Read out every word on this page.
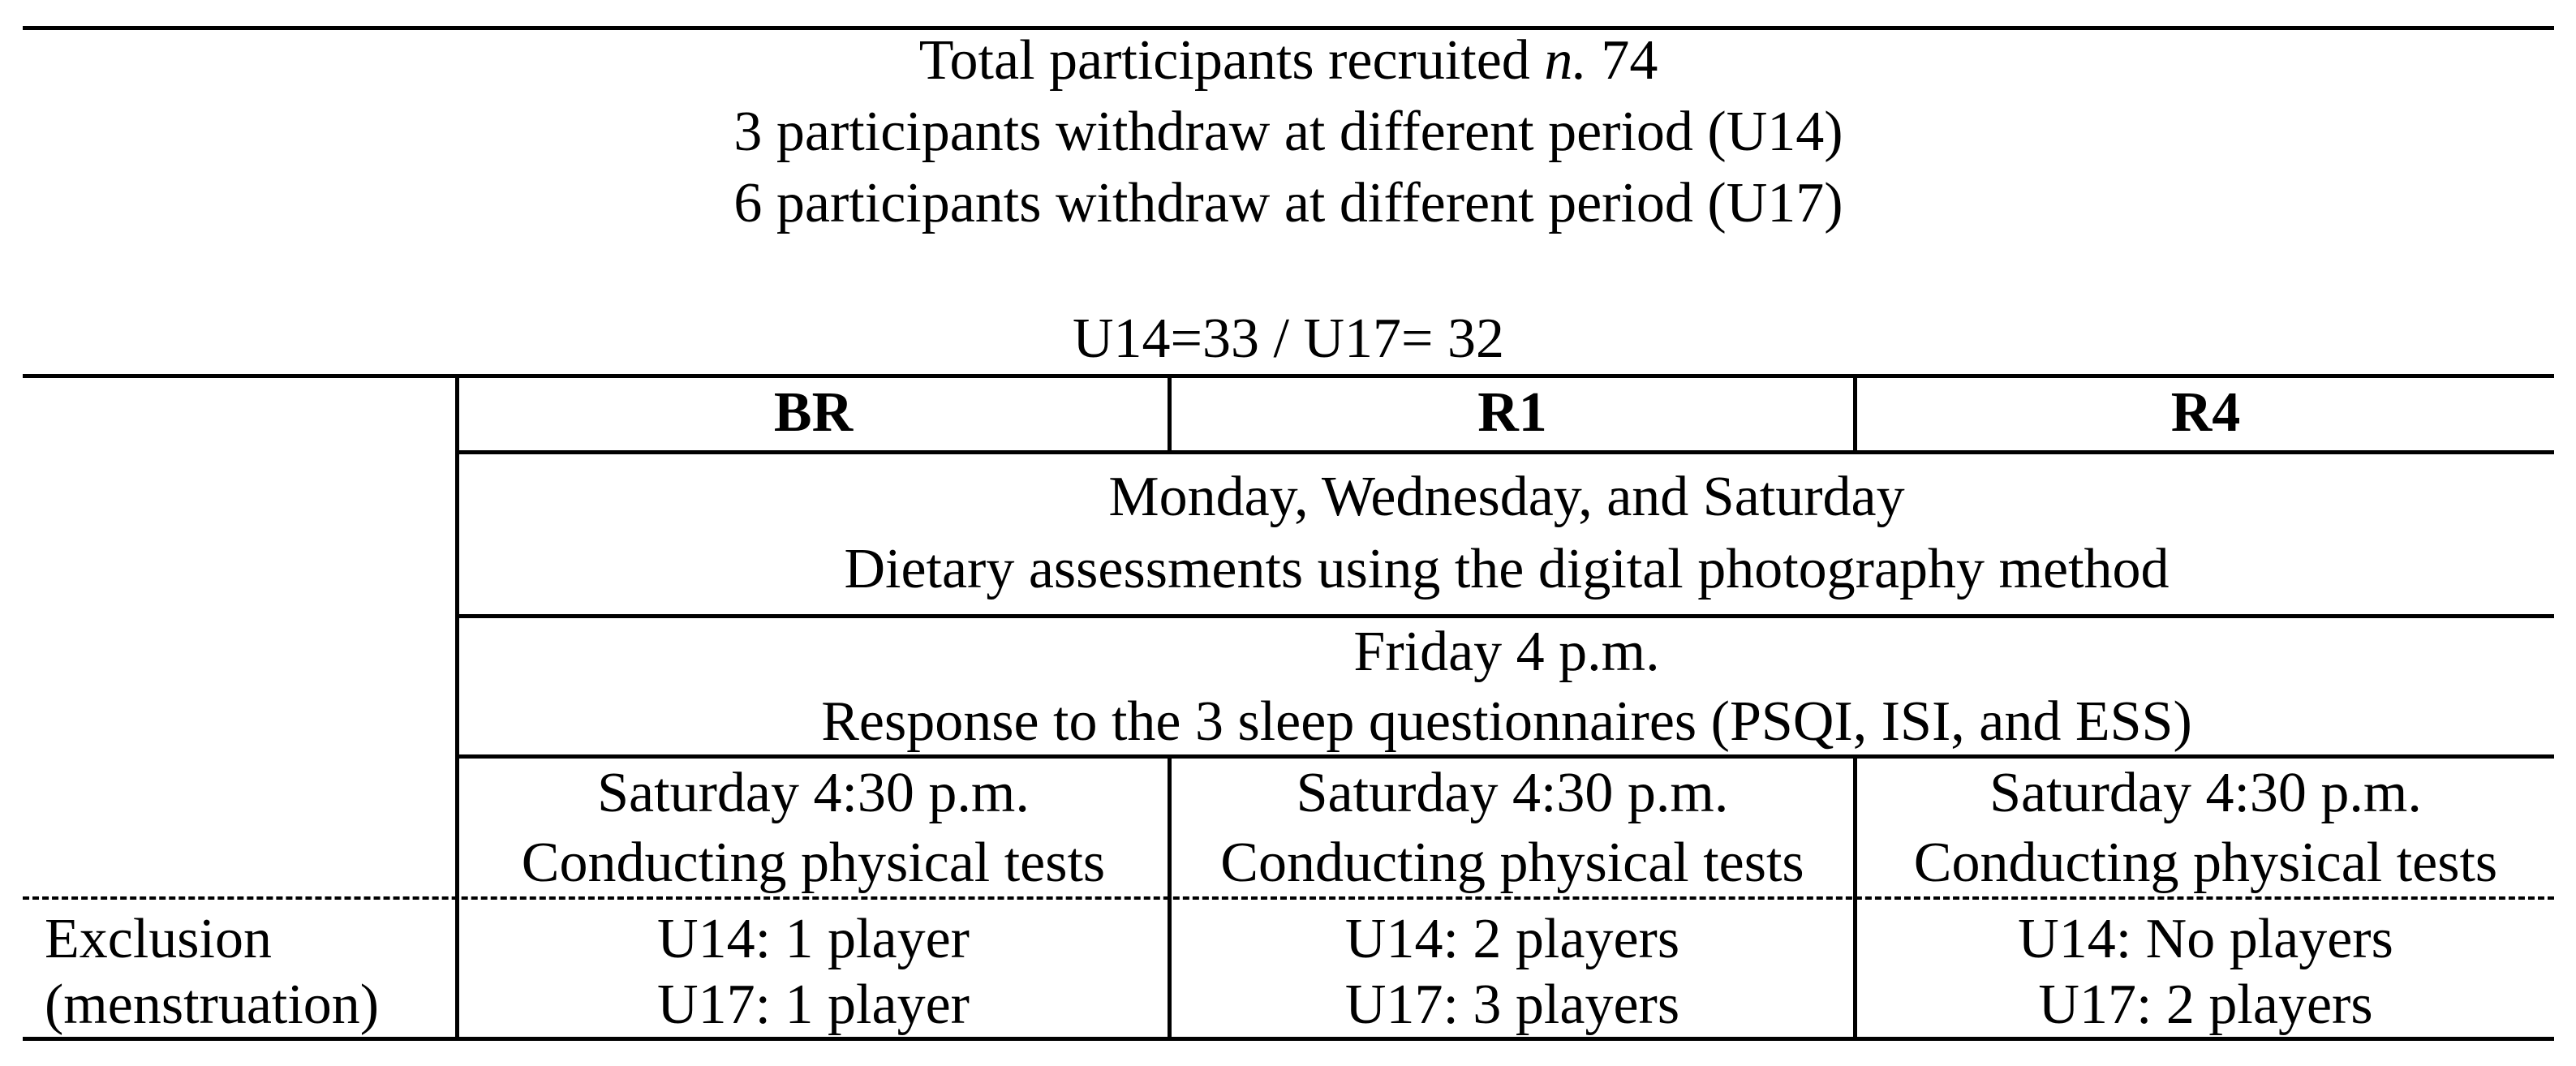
Total participants recruited n. 74
3 participants withdraw at different period (U14)
6 participants withdraw at different period (U17)
U14=33 / U17= 32
BR	R1	R4
Monday, Wednesday, and Saturday
Dietary assessments using the digital photography method
Friday 4 p.m.
Response to the 3 sleep questionnaires (PSQI, ISI, and ESS)
Saturday 4:30 p.m.
Conducting physical tests
Saturday 4:30 p.m.
Conducting physical tests
Saturday 4:30 p.m.
Conducting physical tests
Exclusion
(menstruation)
U14: 1 player
U17: 1 player
U14: 2 players
U17: 3 players
U14: No players
U17: 2 players
